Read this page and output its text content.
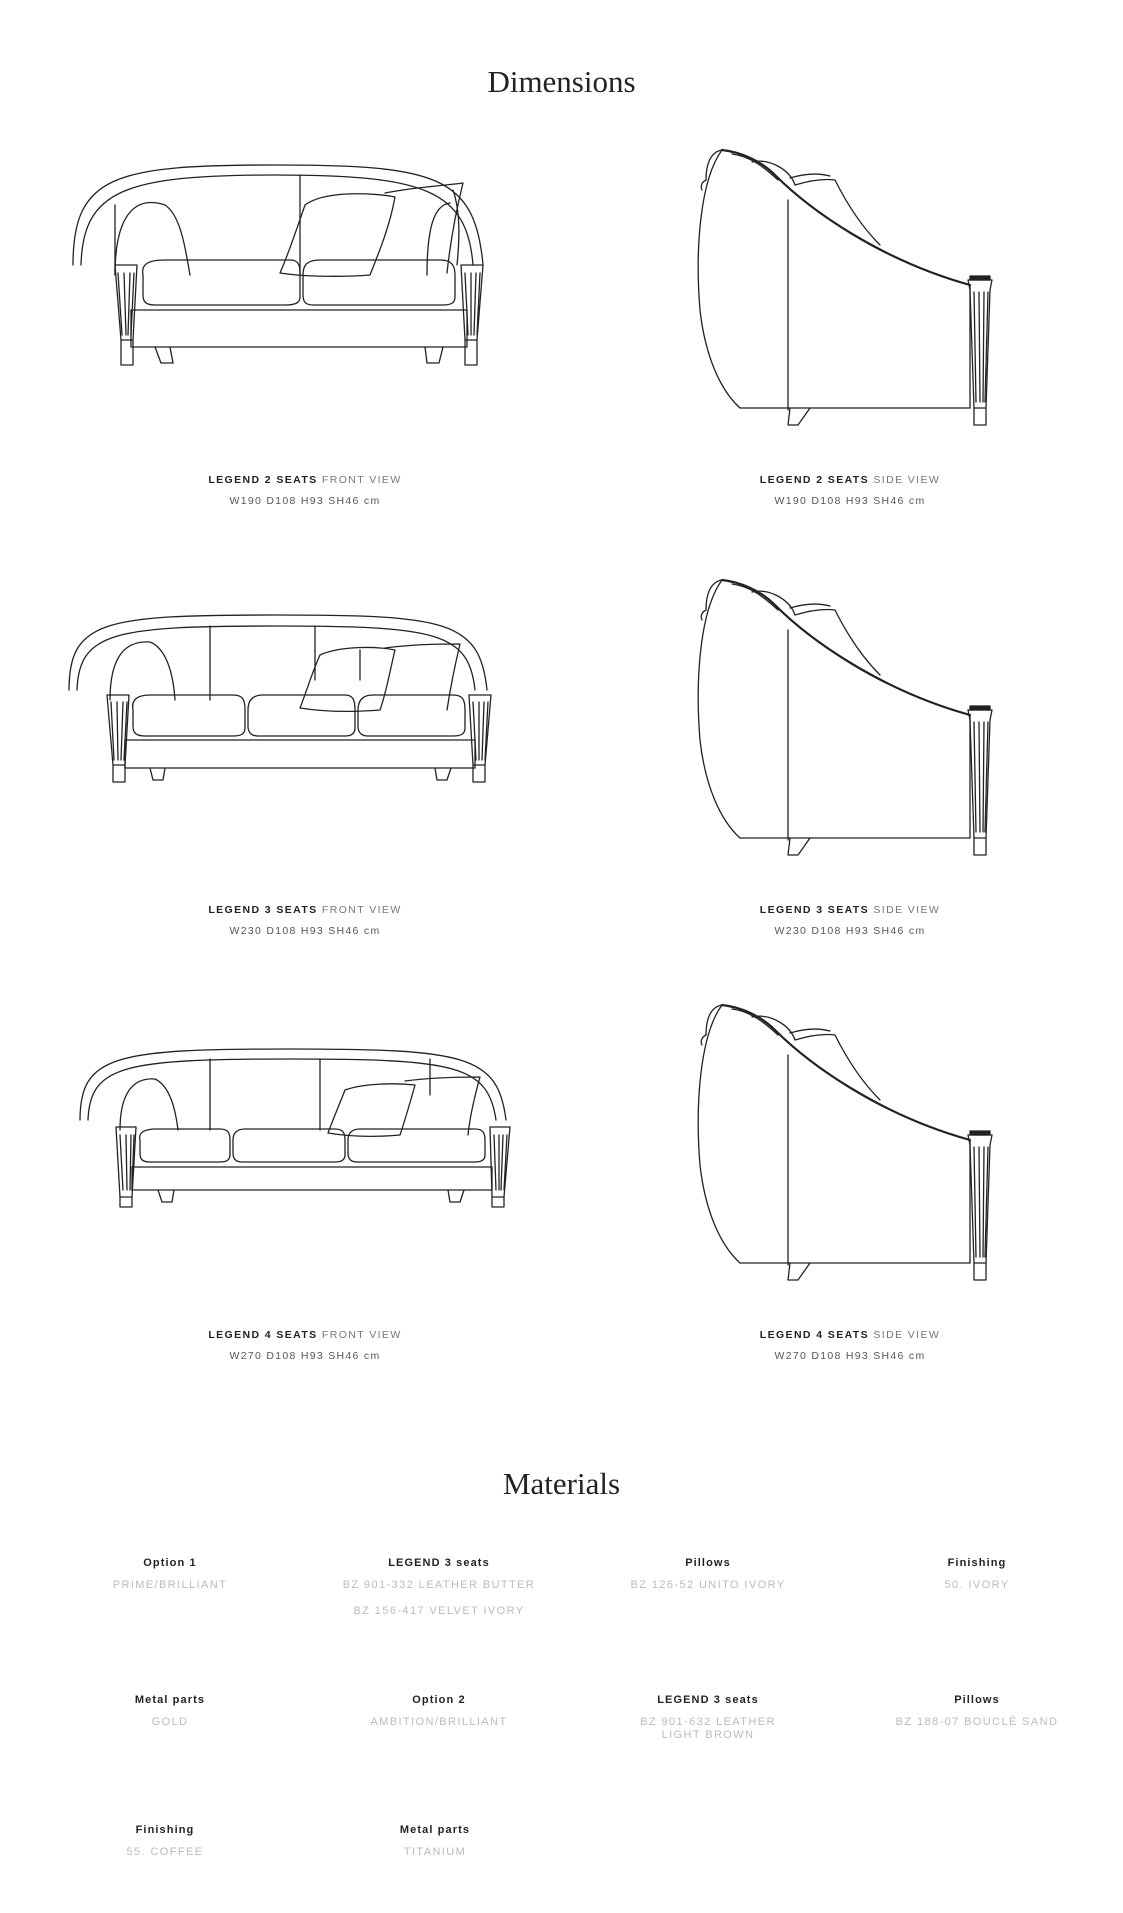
Dimensions
LEGEND 2 SEATS FRONT VIEW
W190 D108 H93 SH46 cm
LEGEND 2 SEATS SIDE VIEW
W190 D108 H93 SH46 cm
LEGEND 3 SEATS FRONT VIEW
W230 D108 H93 SH46 cm
LEGEND 3 SEATS SIDE VIEW
W230 D108 H93 SH46 cm
LEGEND 4 SEATS FRONT VIEW
W270 D108 H93 SH46 cm
LEGEND 4 SEATS SIDE VIEW
W270 D108 H93 SH46 cm
Materials
Option 1
PRIME/BRILLIANT
LEGEND 3 seats
BZ 901-332 LEATHER BUTTER
BZ 156-417 VELVET IVORY
Pillows
BZ 126-52 UNITO IVORY
Finishing
50. IVORY
Metal parts
GOLD
Option 2
AMBITION/BRILLIANT
LEGEND 3 seats
BZ 901-632 LEATHER LIGHT BROWN
Pillows
BZ 188-07 BOUCLÉ SAND
Finishing
55. COFFEE
Metal parts
TITANIUM
